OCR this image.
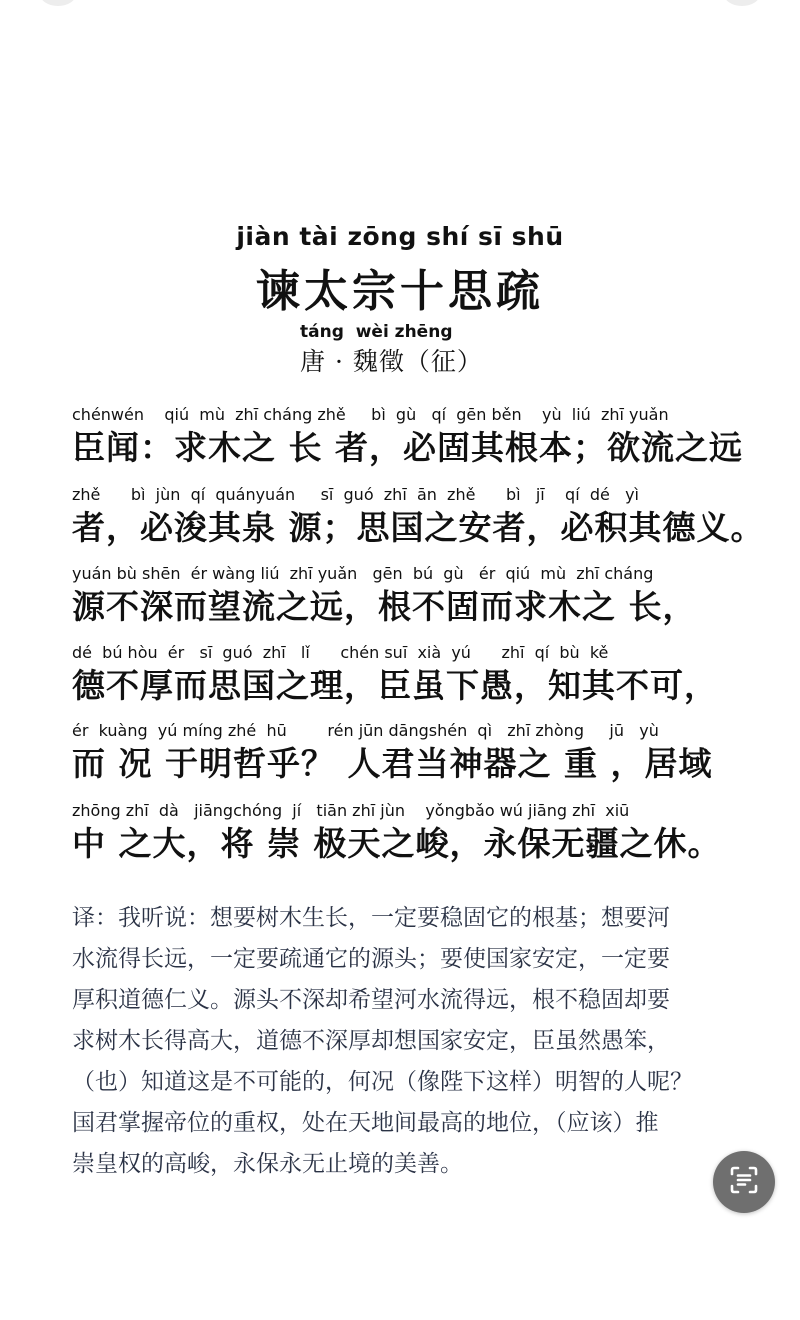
jiàn tài zōng shí sī shū
谏太宗十思疏
táng  wèi zhēng
唐 · 魏徵（征）
chénwén    qiú  mù  zhī cháng zhě     bì  gù   qí  gēn běn    yù  liú  zhī yuǎn
臣闻：求木之 长 者，必固其根本；欲流之远
zhě      bì  jùn  qí  quányuán     sī  guó  zhī  ān  zhě      bì   jī    qí  dé   yì
者，必浚其泉 源；思国之安者，必积其德义。
yuán bù shēn  ér wàng liú  zhī yuǎn   gēn  bú  gù   ér  qiú  mù  zhī cháng
源不深而望流之远，根不固而求木之 长，
dé  bú hòu  ér   sī  guó  zhī   lǐ      chén suī  xià  yú      zhī  qí  bù  kě
德不厚而思国之理，臣虽下愚，知其不可，
ér  kuàng  yú míng zhé  hū        rén jūn dāngshén  qì   zhī zhòng     jū   yù
而 况 于明哲乎？ 人君当神器之 重 ，居域
zhōng zhī  dà   jiāngchóng  jí   tiān zhī jùn    yǒngbǎo wú jiāng zhī  xiū
中 之大，将 崇 极天之峻，永保无疆之休。
译：我听说：想要树木生长，一定要稳固它的根基；想要河
水流得长远，一定要疏通它的源头；要使国家安定，一定要
厚积道德仁义。源头不深却希望河水流得远，根不稳固却要
求树木长得高大，道德不深厚却想国家安定，臣虽然愚笨，
（也）知道这是不可能的，何况（像陛下这样）明智的人呢？
国君掌握帝位的重权，处在天地间最高的地位，（应该）推
崇皇权的高峻，永保永无止境的美善。
